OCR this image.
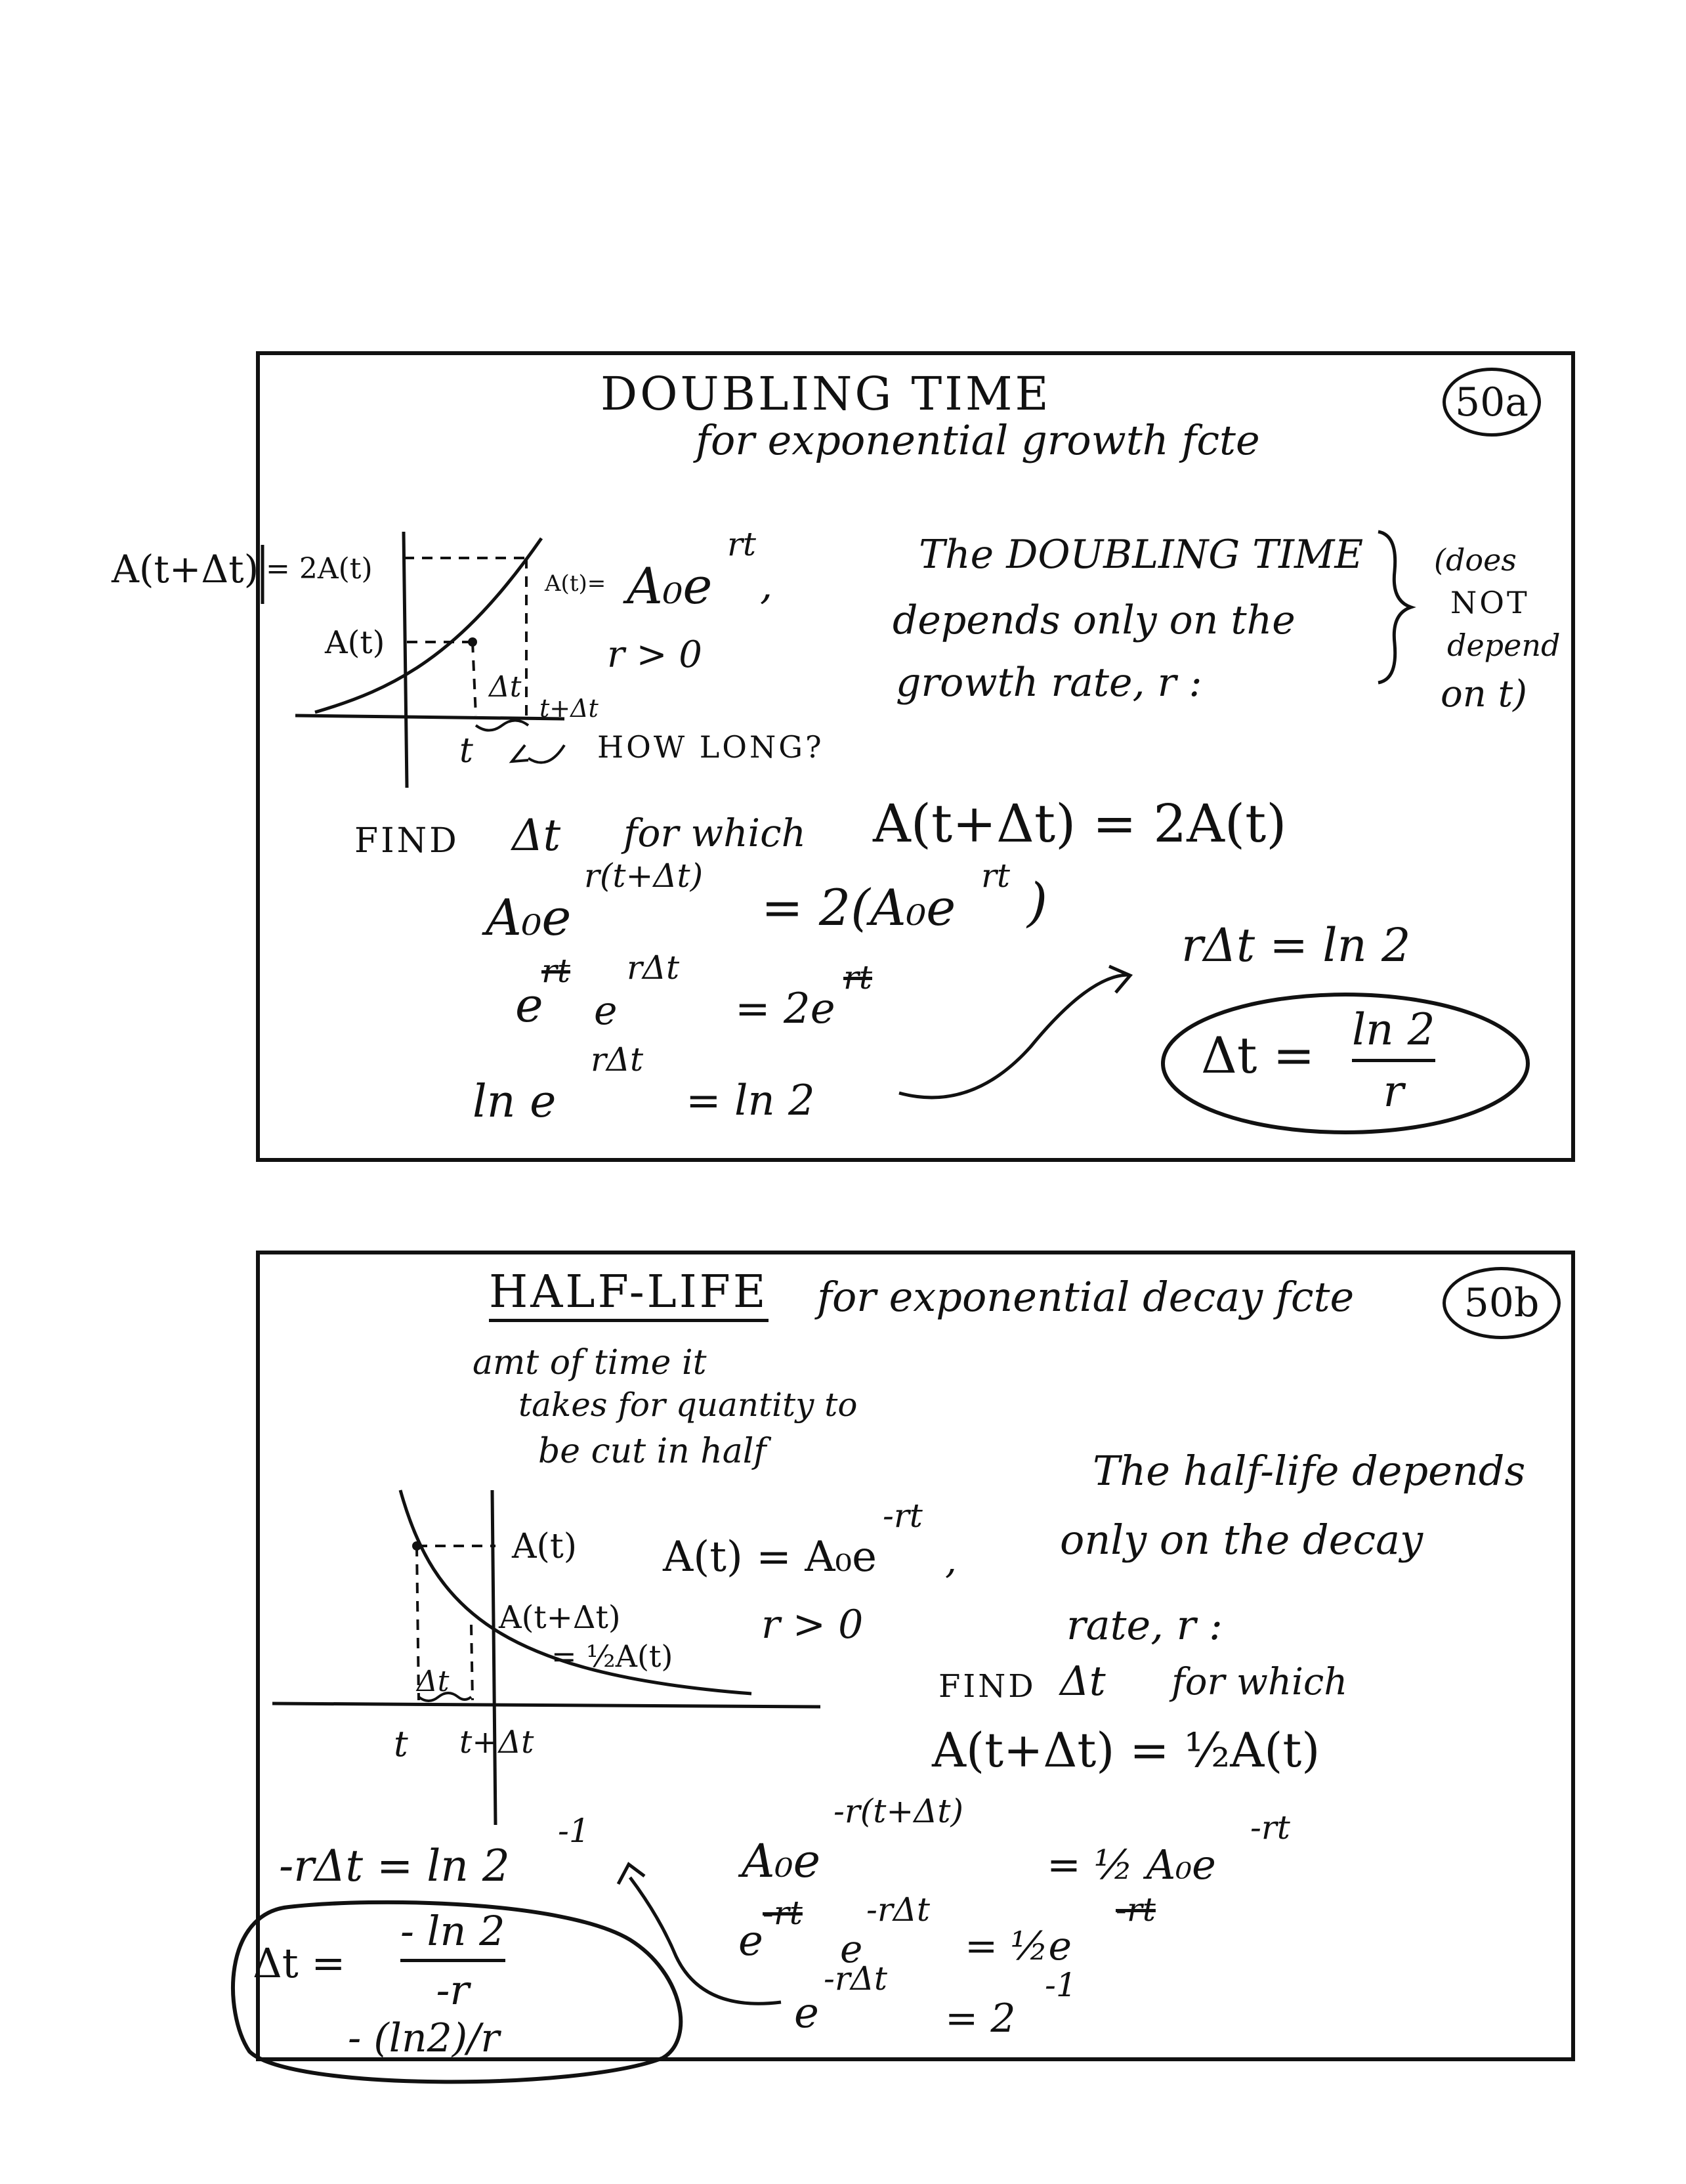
50a
DOUBLING TIME
for exponential growth fcte
A(t+Δt) = 2A(t)
A(t)
A(t)=
Δt
t
t+Δt
HOW LONG?
A₀e
rt
,
r > 0
The DOUBLING TIME
depends only on the
growth rate, r :
(does
NOT
depend
on t)
FIND Δt for which A(t+Δt) = 2A(t)
A₀e
r(t+Δt)
= 2(A₀e
rt )
e
rt
e
rΔt
= 2e
rt
ln e
rΔt
= ln 2
rΔt = ln 2
Δt = ln 2
r
50b
HALF-LIFE for exponential decay fcte
amt of time it
takes for quantity to
be cut in half
A(t)
A(t+Δt)
= ½A(t)
Δt
t t+Δt
A(t) = A₀e
-rt
,
r > 0
The half-life depends
only on the decay
rate, r :
FIND Δt for which
A(t+Δt) = ½A(t)
A₀e
-r(t+Δt)
= ½ A₀e
-rt
e
-rt
e
-rΔt
= ½e
-rt
e
-rΔt
= 2
-1
-rΔt = ln 2
-1
Δt =
- ln 2
-r
- (ln2)/r
